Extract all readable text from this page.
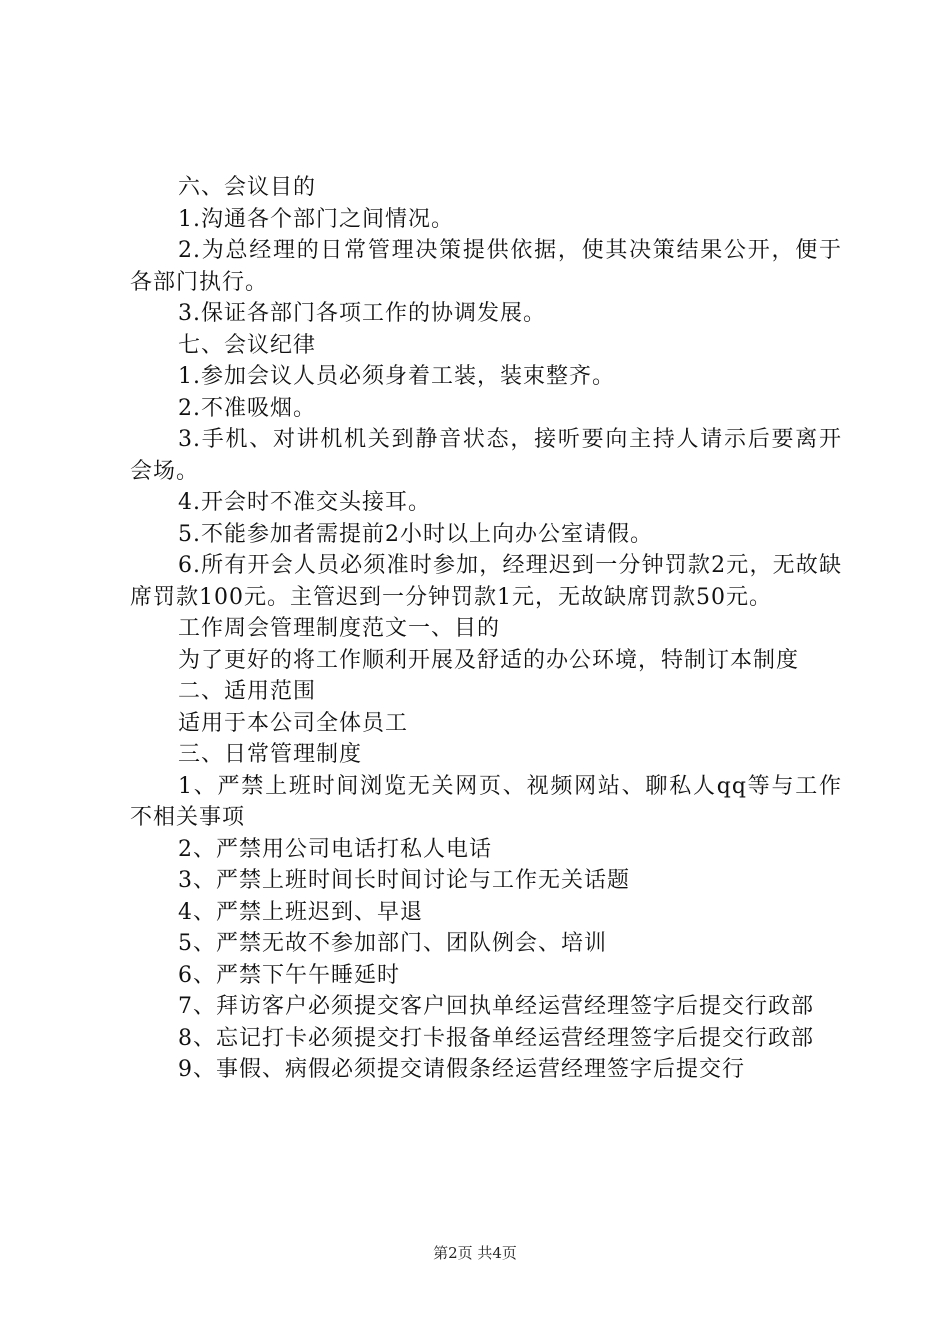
六、会议目的

1.沟通各个部门之间情况。

2.为总经理的日常管理决策提供依据，使其决策结果公开，便于各部门执行。

3.保证各部门各项工作的协调发展。

七、会议纪律

1.参加会议人员必须身着工装，装束整齐。

2.不准吸烟。

3.手机、对讲机机关到静音状态，接听要向主持人请示后要离开会场。

4.开会时不准交头接耳。

5.不能参加者需提前2小时以上向办公室请假。

6.所有开会人员必须准时参加，经理迟到一分钟罚款2元，无故缺席罚款100元。主管迟到一分钟罚款1元，无故缺席罚款50元。

工作周会管理制度范文一、目的

为了更好的将工作顺利开展及舒适的办公环境，特制订本制度

二、适用范围

适用于本公司全体员工

三、日常管理制度

1、严禁上班时间浏览无关网页、视频网站、聊私人qq等与工作不相关事项

2、严禁用公司电话打私人电话

3、严禁上班时间长时间讨论与工作无关话题

4、严禁上班迟到、早退

5、严禁无故不参加部门、团队例会、培训

6、严禁下午午睡延时

7、拜访客户必须提交客户回执单经运营经理签字后提交行政部

8、忘记打卡必须提交打卡报备单经运营经理签字后提交行政部

9、事假、病假必须提交请假条经运营经理签字后提交行

第2页 共4页
